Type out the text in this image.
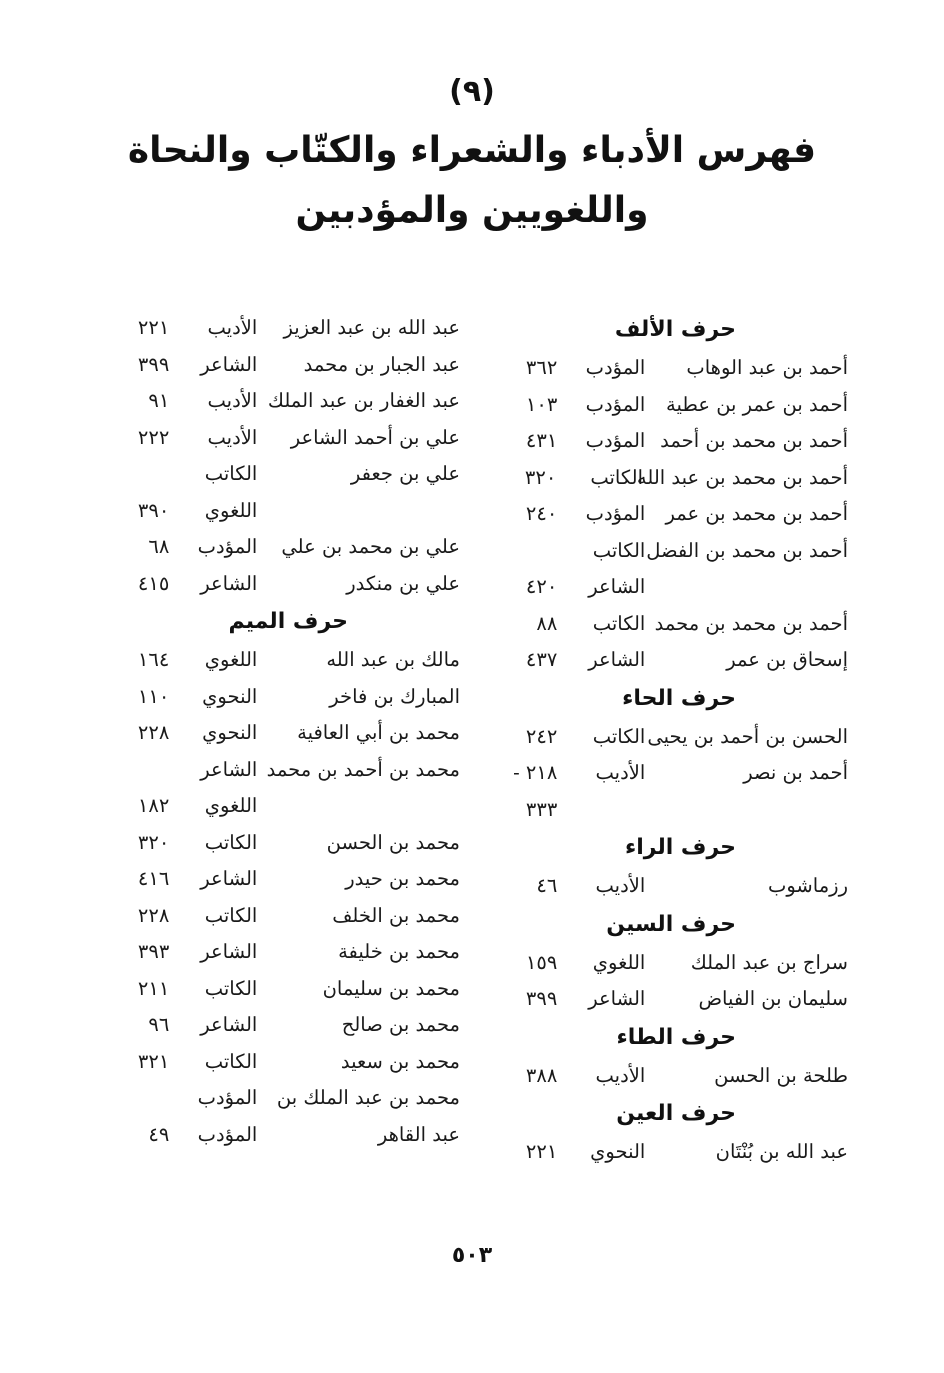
(٩)
فهرس الأدباء والشعراء والكتّاب والنحاة
واللغويين والمؤدبين
حرف الألف
أحمد بن عبد الوهاب
المؤدب
٣٦٢
أحمد بن عمر بن عطية
المؤدب
١٠٣
أحمد بن محمد بن أحمد
المؤدب
٤٣١
أحمد بن محمد بن عبد الله
الكاتب
٣٢٠
أحمد بن محمد بن عمر
المؤدب
٢٤٠
أحمد بن محمد بن الفضل
الكاتب
الشاعر
٤٢٠
أحمد بن محمد بن محمد
الكاتب
٨٨
إسحاق بن عمر
الشاعر
٤٣٧
حرف الحاء
الحسن بن أحمد بن يحيى
الكاتب
٢٤٢
أحمد بن نصر
الأديب
٢١٨ -
٣٣٣
حرف الراء
رزماشوب
الأديب
٤٦
حرف السين
سراج بن عبد الملك
اللغوي
١٥٩
سليمان بن الفياض
الشاعر
٣٩٩
حرف الطاء
طلحة بن الحسن
الأديب
٣٨٨
حرف العين
عبد الله بن بُنْتَان
النحوي
٢٢١
عبد الله بن عبد العزيز
الأديب
٢٢١
عبد الجبار بن محمد
الشاعر
٣٩٩
عبد الغفار بن عبد الملك
الأديب
٩١
علي بن أحمد الشاعر
الأديب
٢٢٢
علي بن جعفر
الكاتب
اللغوي
٣٩٠
علي بن محمد بن علي
المؤدب
٦٨
علي بن منكدر
الشاعر
٤١٥
حرف الميم
مالك بن عبد الله
اللغوي
١٦٤
المبارك بن فاخر
النحوي
١١٠
محمد بن أبي العافية
النحوي
٢٢٨
محمد بن أحمد بن محمد
الشاعر
اللغوي
١٨٢
محمد بن الحسن
الكاتب
٣٢٠
محمد بن حيدر
الشاعر
٤١٦
محمد بن الخلف
الكاتب
٢٢٨
محمد بن خليفة
الشاعر
٣٩٣
محمد بن سليمان
الكاتب
٢١١
محمد بن صالح
الشاعر
٩٦
محمد بن سعيد
الكاتب
٣٢١
محمد بن عبد الملك بن
المؤدب
عبد القاهر
المؤدب
٤٩
٥٠٣
